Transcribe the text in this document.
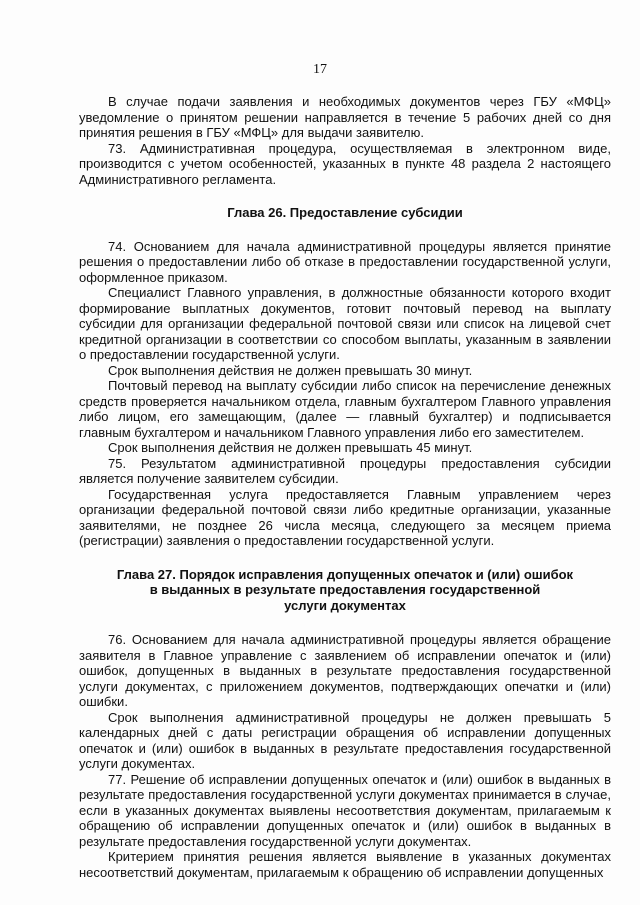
17

В случае подачи заявления и необходимых документов через ГБУ «МФЦ» уведомление о принятом решении направляется в течение 5 рабочих дней со дня принятия решения в ГБУ «МФЦ» для выдачи заявителю.

73. Административная процедура, осуществляемая в электронном виде, производится с учетом особенностей, указанных в пункте 48 раздела 2 настоящего Административного регламента.

Глава 26. Предоставление субсидии

74. Основанием для начала административной процедуры является принятие решения о предоставлении либо об отказе в предоставлении государственной услуги, оформленное приказом.

Специалист Главного управления, в должностные обязанности которого входит формирование выплатных документов, готовит почтовый перевод на выплату субсидии для организации федеральной почтовой связи или список на лицевой счет кредитной организации в соответствии со способом выплаты, указанным в заявлении о предоставлении государственной услуги.

Срок выполнения действия не должен превышать 30 минут.

Почтовый перевод на выплату субсидии либо список на перечисление денежных средств проверяется начальником отдела, главным бухгалтером Главного управления либо лицом, его замещающим, (далее — главный бухгалтер) и подписывается главным бухгалтером и начальником Главного управления либо его заместителем.

Срок выполнения действия не должен превышать 45 минут.

75. Результатом административной процедуры предоставления субсидии является получение заявителем субсидии.

Государственная услуга предоставляется Главным управлением через организации федеральной почтовой связи либо кредитные организации, указанные заявителями, не позднее 26 числа месяца, следующего за месяцем приема (регистрации) заявления о предоставлении государственной услуги.

Глава 27. Порядок исправления допущенных опечаток и (или) ошибок
в выданных в результате предоставления государственной
услуги документах

76. Основанием для начала административной процедуры является обращение заявителя в Главное управление с заявлением об исправлении опечаток и (или) ошибок, допущенных в выданных в результате предоставления государственной услуги документах, с приложением документов, подтверждающих опечатки и (или) ошибки.

Срок выполнения административной процедуры не должен превышать 5 календарных дней с даты регистрации обращения об исправлении допущенных опечаток и (или) ошибок в выданных в результате предоставления государственной услуги документах.

77. Решение об исправлении допущенных опечаток и (или) ошибок в выданных в результате предоставления государственной услуги документах принимается в случае, если в указанных документах выявлены несоответствия документам, прилагаемым к обращению об исправлении допущенных опечаток и (или) ошибок в выданных в результате предоставления государственной услуги документах.

Критерием принятия решения является выявление в указанных документах несоответствий документам, прилагаемым к обращению об исправлении допущенных
